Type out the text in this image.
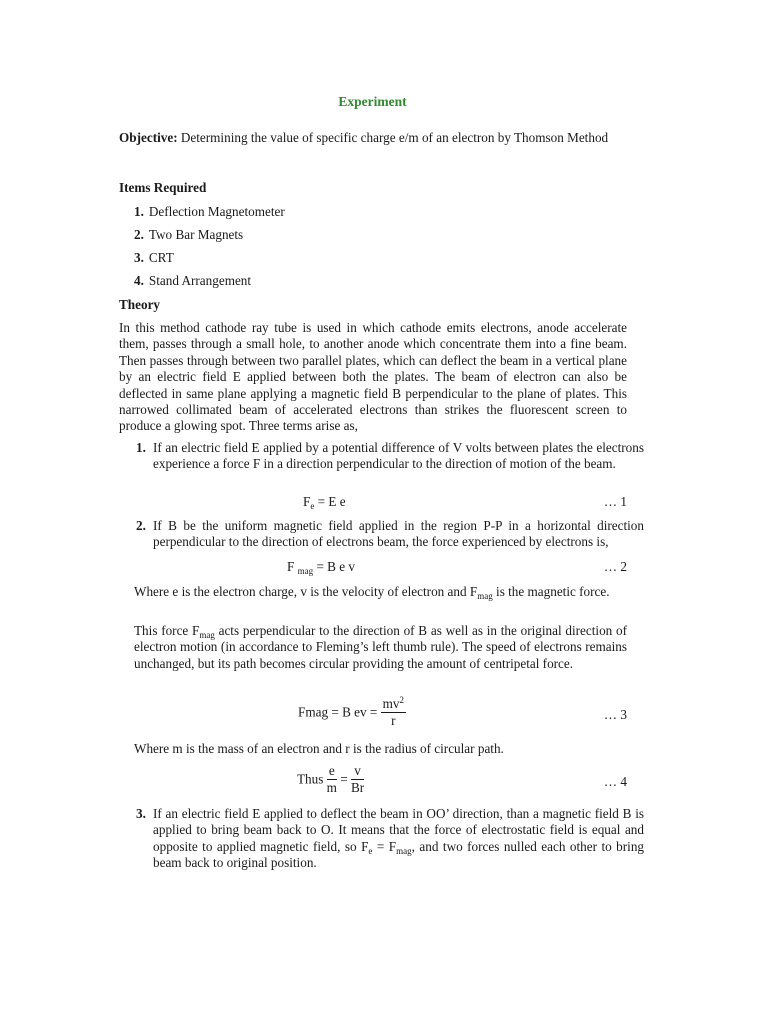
Experiment
Objective: Determining the value of specific charge e/m of an electron by Thomson Method
Items Required
1. Deflection Magnetometer
2. Two Bar Magnets
3. CRT
4. Stand Arrangement
Theory
In this method cathode ray tube is used in which cathode emits electrons, anode accelerate them, passes through a small hole, to another anode which concentrate them into a fine beam. Then passes through between two parallel plates, which can deflect the beam in a vertical plane by an electric field E applied between both the plates. The beam of electron can also be deflected in same plane applying a magnetic field B perpendicular to the plane of plates. This narrowed collimated beam of accelerated electrons than strikes the fluorescent screen to produce a glowing spot. Three terms arise as,
1. If an electric field E applied by a potential difference of V volts between plates the electrons experience a force F in a direction perpendicular to the direction of motion of the beam.
$F_e = E$ e	… 1
2. If B be the uniform magnetic field applied in the region P-P in a horizontal direction perpendicular to the direction of electrons beam, the force experienced by electrons is,
F $_{mag}$ = B e v	… 2
Where e is the electron charge, v is the velocity of electron and $F_{mag}$ is the magnetic force.
This force $F_{mag}$ acts perpendicular to the direction of B as well as in the original direction of electron motion (in accordance to Fleming’s left thumb rule). The speed of electrons remains unchanged, but its path becomes circular providing the amount of centripetal force.
Fmag = B ev = $\frac{mv^2}{r}$	… 3
Where m is the mass of an electron and r is the radius of circular path.
Thus $\frac{e}{m} = \frac{v}{Br}$	… 4
3. If an electric field E applied to deflect the beam in OO’ direction, than a magnetic field B is applied to bring beam back to O. It means that the force of electrostatic field is equal and opposite to applied magnetic field, so $F_e = F_{mag}$, and two forces nulled each other to bring beam back to original position.
